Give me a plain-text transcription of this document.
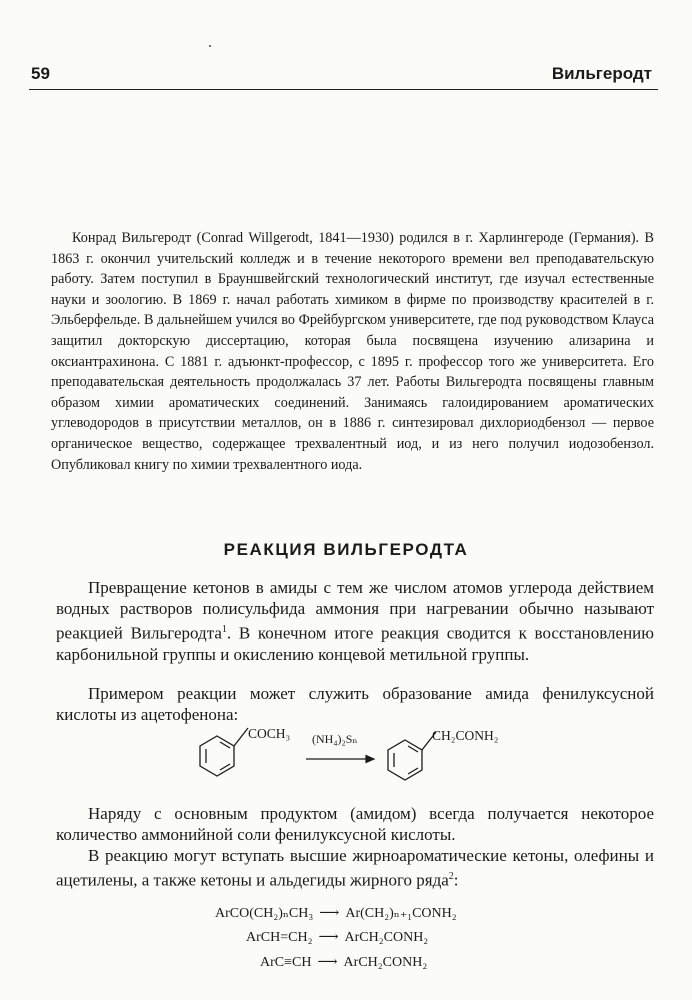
59	Вильгеродт

Конрад Вильгеродт (Conrad Willgerodt, 1841—1930) родился в г. Харлингероде (Германия). В 1863 г. окончил учительский колледж и в течение некоторого времени вел преподавательскую работу. Затем поступил в Брауншвейгский технологический институт, где изучал естественные науки и зоологию. В 1869 г. начал работать химиком в фирме по производству красителей в г. Эльберфельде. В дальнейшем учился во Фрейбургском университете, где под руководством Клауса защитил докторскую диссертацию, которая была посвящена изучению ализарина и оксиантрахинона. С 1881 г. адъюнкт-профессор, с 1895 г. профессор того же университета. Его преподавательская деятельность продолжалась 37 лет. Работы Вильгеродта посвящены главным образом химии ароматических соединений. Занимаясь галоидированием ароматических углеводородов в присутствии металлов, он в 1886 г. синтезировал дихлориодбензол — первое органическое вещество, содержащее трехвалентный иод, и из него получил иодозобензол. Опубликовал книгу по химии трехвалентного иода.

РЕАКЦИЯ ВИЛЬГЕРОДТА

Превращение кетонов в амиды с тем же числом атомов углерода действием водных растворов полисульфида аммония при нагревании обычно называют реакцией Вильгеродта$^1$. В конечном итоге реакция сводится к восстановлению карбонильной группы и окислению концевой метильной группы.

Примером реакции может служить образование амида фенилуксусной кислоты из ацетофенона:

COCH₃ (NH₄)₂Sₙ	CH₂CONH₂

Наряду с основным продуктом (амидом) всегда получается некоторое количество аммонийной соли фенилуксусной кислоты.

В реакцию могут вступать высшие жирноароматические кетоны, олефины и ацетилены, а также кетоны и альдегиды жирного ряда$^2$:

ArCO(CH₂)ₙCH₃ ⟶ Ar(CH₂)ₙ₊₁CONH₂
ArCH=CH₂ ⟶ ArCH₂CONH₂
ArC≡CH ⟶ ArCH₂CONH₂
